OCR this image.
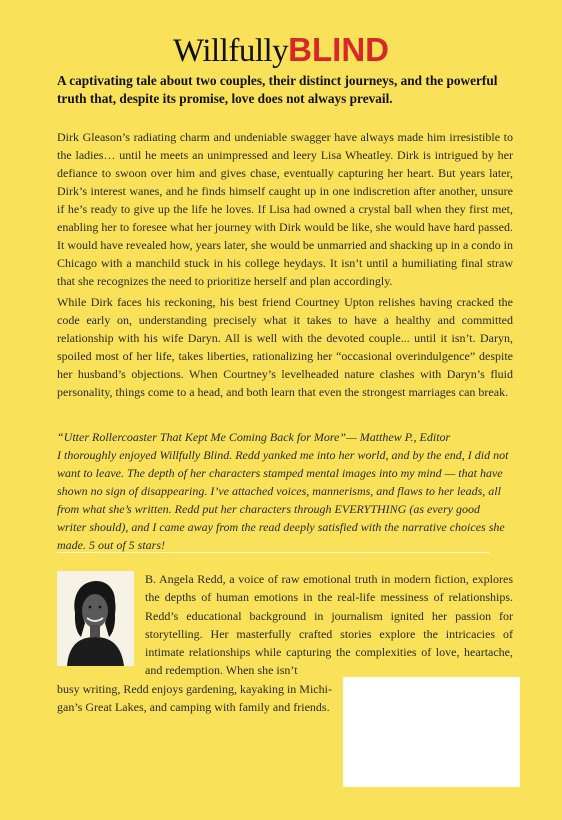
WillfullyBLIND
A captivating tale about two couples, their distinct journeys, and the powerful truth that, despite its promise, love does not always prevail.

Dirk Gleason’s radiating charm and undeniable swagger have always made him irresistible to the ladies… until he meets an unimpressed and leery Lisa Wheatley. Dirk is intrigued by her defiance to swoon over him and gives chase, eventually capturing her heart. But years later, Dirk’s interest wanes, and he finds himself caught up in one indiscretion after another, unsure if he’s ready to give up the life he loves. If Lisa had owned a crystal ball when they first met, enabling her to foresee what her journey with Dirk would be like, she would have hard passed. It would have revealed how, years later, she would be unmarried and shacking up in a condo in Chicago with a manchild stuck in his college heydays. It isn’t until a humiliating final straw that she recognizes the need to prioritize herself and plan accordingly.

While Dirk faces his reckoning, his best friend Courtney Upton relishes having cracked the code early on, understanding precisely what it takes to have a healthy and committed relationship with his wife Daryn. All is well with the devoted couple... until it isn’t. Daryn, spoiled most of her life, takes liberties, rationalizing her “occasional overindulgence” despite her husband’s objections. When Courtney’s levelheaded nature clashes with Daryn’s fluid personality, things come to a head, and both learn that even the strongest marriages can break.

“Utter Rollercoaster That Kept Me Coming Back for More”— Matthew P., Editor
I thoroughly enjoyed Willfully Blind. Redd yanked me into her world, and by the end, I did not want to leave. The depth of her characters stamped mental images into my mind — that have shown no sign of disappearing. I’ve attached voices, mannerisms, and flaws to her leads, all from what she’s written. Redd put her characters through EVERYTHING (as every good writer should), and I came away from the read deeply satisfied with the narrative choices she made. 5 out of 5 stars!
B. Angela Redd, a voice of raw emotional truth in modern fiction, explores the depths of human emotions in the real-life messiness of relationships. Redd’s educational background in journalism ignited her passion for storytelling. Her masterfully crafted stories explore the intricacies of intimate relationships while capturing the complexities of love, heartache, and redemption. When she isn’t
busy writing, Redd enjoys gardening, kayaking in Michigan’s Great Lakes, and camping with family and friends.
